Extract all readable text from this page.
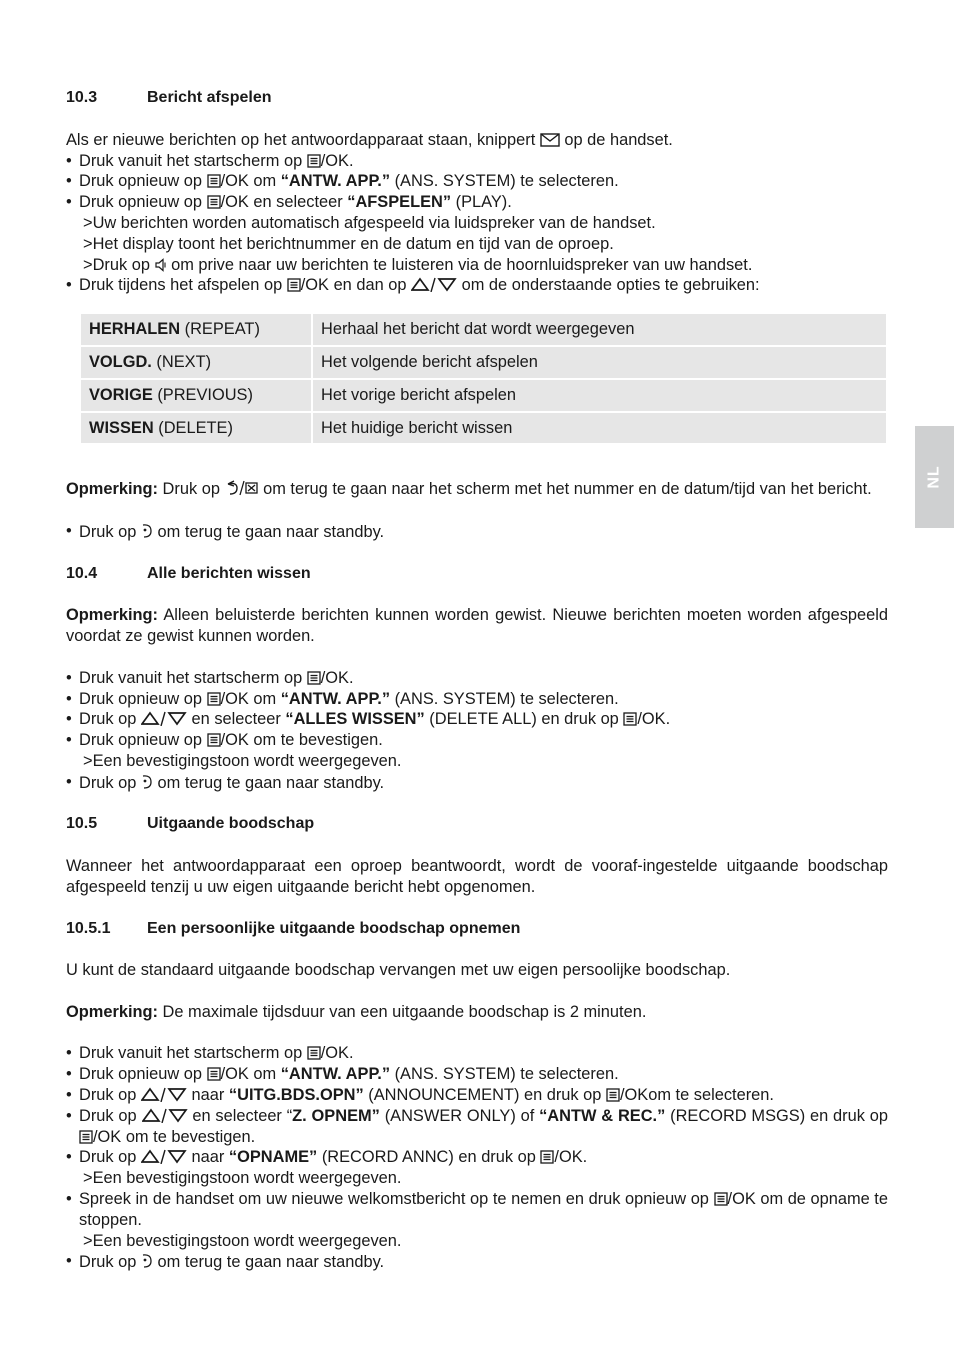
10.3	Bericht afspelen

Als er nieuwe berichten op het antwoordapparaat staan, knippert op de handset.

• Druk vanuit het startscherm op /OK.

• Druk opnieuw op /OK om “ANTW. APP.” (ANS. SYSTEM) te selecteren.

• Druk opnieuw op /OK en selecteer “AFSPELEN” (PLAY).

>Uw berichten worden automatisch afgespeeld via luidspreker van de handset.

>Het display toont het berichtnummer en de datum en tijd van de oproep.

>Druk op om prive naar uw berichten te luisteren via de hoornluidspreker van uw handset.

• Druk tijdens het afspelen op /OK en dan op	om de onderstaande opties te gebruiken:

HERHALEN (REPEAT)	Herhaal het bericht dat wordt weergegeven
VOLGD. (NEXT)	Het volgende bericht afspelen
VORIGE (PREVIOUS)	Het vorige bericht afspelen
WISSEN (DELETE)	Het huidige bericht wissen

Opmerking: Druk op	om terug te gaan naar het scherm met het nummer en de datum/tijd van het bericht.

• Druk op om terug te gaan naar standby.

10.4	Alle berichten wissen

Opmerking: Alleen beluisterde berichten kunnen worden gewist. Nieuwe berichten moeten worden afgespeeld voordat ze gewist kunnen worden.

• Druk vanuit het startscherm op /OK.

• Druk opnieuw op /OK om “ANTW. APP.” (ANS. SYSTEM) te selecteren.

• Druk op	en selecteer “ALLES WISSEN” (DELETE ALL) en druk op /OK.

• Druk opnieuw op /OK om te bevestigen.

>Een bevestigingstoon wordt weergegeven.

• Druk op om terug te gaan naar standby.

10.5	Uitgaande boodschap

Wanneer het antwoordapparaat een oproep beantwoordt, wordt de vooraf-ingestelde uitgaande boodschap afgespeeld tenzij u uw eigen uitgaande bericht hebt opgenomen.

10.5.1 Een persoonlijke uitgaande boodschap opnemen

U kunt de standaard uitgaande boodschap vervangen met uw eigen persoolijke boodschap.

Opmerking: De maximale tijdsduur van een uitgaande boodschap is 2 minuten.

• Druk vanuit het startscherm op /OK.

• Druk opnieuw op /OK om “ANTW. APP.” (ANS. SYSTEM) te selecteren.

• Druk op	naar “UITG.BDS.OPN” (ANNOUNCEMENT) en druk op /OKom te selecteren.

• Druk op	en selecteer “Z. OPNEM” (ANSWER ONLY) of “ANTW & REC.” (RECORD MSGS) en druk op
/OK om te bevestigen.

• Druk op	naar “OPNAME” (RECORD ANNC) en druk op /OK.

>Een bevestigingstoon wordt weergegeven.

• Spreek in de handset om uw nieuwe welkomstbericht op te nemen en druk opnieuw op /OK om de opname te stoppen.

>Een bevestigingstoon wordt weergegeven.

• Druk op om terug te gaan naar standby.

NL
